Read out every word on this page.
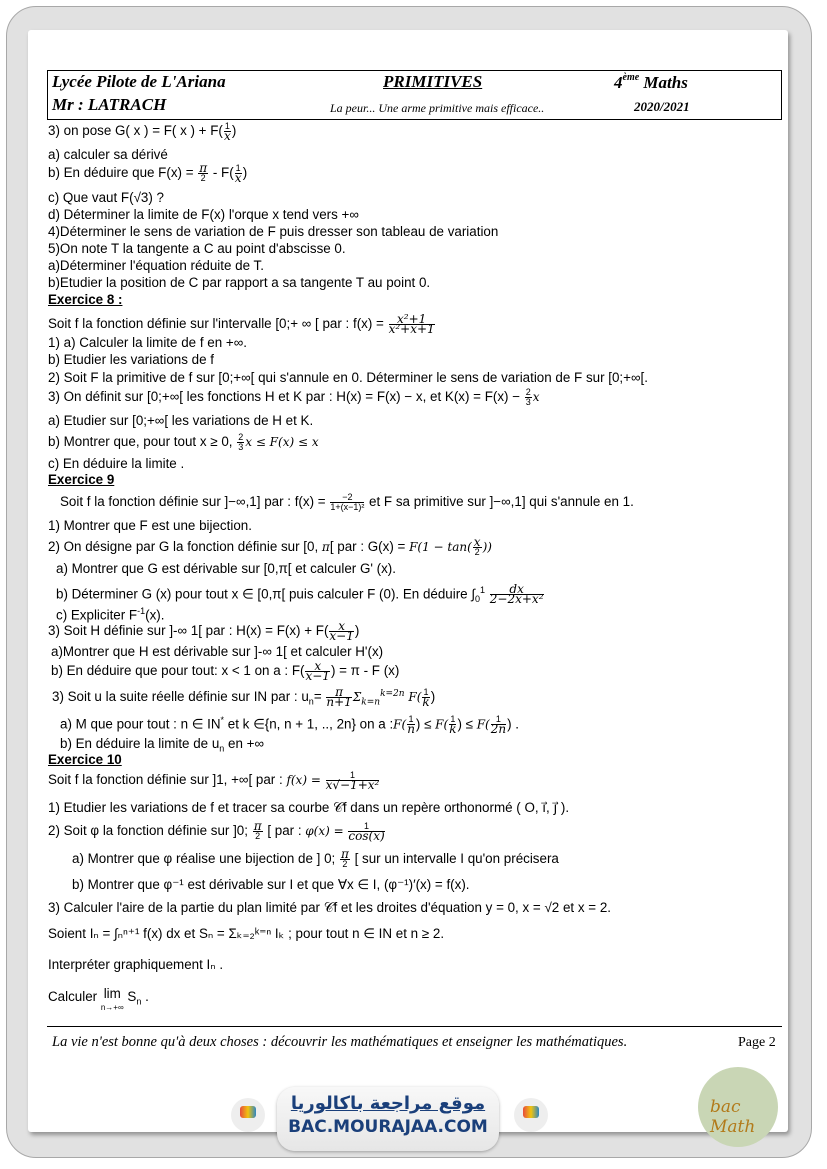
Lycée Pilote de L'Ariana	PRIMITIVES	4ème Maths
Mr : LATRACH	La peur... Une arme primitive mais efficace..	2020/2021
3) on pose G( x ) = F( x ) + $F( \frac{1}{x}$ )
a) calculer sa dérivé
b) En déduire que $F(x) = \frac{\pi}{2} - F( \frac{1}{x}$ )
c) Que vaut F(√3) ?
d) Déterminer la limite de F(x) l'orque x tend vers +∞
4)Déterminer le sens de variation de F puis dresser son tableau de variation
5)On note T la tangente a C au point d'abscisse 0.
a)Déterminer l'équation réduite de T.
b)Etudier la position de C par rapport a sa tangente T au point 0.
Exercice 8 :
Soit f la fonction définie sur l'intervalle [0;+ ∞ [ par : $f(x) = \frac{\text{x²+1}}{\text{x²+x+1}}$
1) a) Calculer la limite de f en +∞.
b) Etudier les variations de f
2) Soit F la primitive de f sur [0;+∞[ qui s'annule en 0. Déterminer le sens de variation de F sur [0;+∞[.
3) On définit sur [0;+∞[ les fonctions H et K par : H(x) = F(x) − x, et $K(x) = F(x) - \frac{2}{3}$ x
a) Etudier sur [0;+∞[ les variations de H et K.
b) Montrer que, pour tout x ≥ 0, $\frac{2}{3}$ x ≤ F(x) ≤ x
c) En déduire la limite .
Exercice 9
Soit f la fonction définie sur ]−∞,1] par : $f(x) = \frac{-2}{\text{1+(x−1)²}}$ et F sa primitive sur ]−∞,1] qui s'annule en 1.
1) Montrer que F est une bijection.
2) On désigne par G la fonction définie sur [0, π[ par : $G(x) = F(1 - \tan( \frac{x}{2}$ ))
a) Montrer que G est dérivable sur [0,π[ et calculer G' (x).
b) Déterminer G (x) pour tout x ∈ [0,π[ puis calculer F (0). En déduire $\int_0^1 \frac{dx}{\text{2−2x+x²}}$
c) Expliciter $F^{-1}(x)$.
3) Soit H définie sur ]-∞ 1[ par : $H(x) = F(x) + F( \frac{x}{x-1}$ )
a)Montrer que H est dérivable sur ]-∞ 1[ et calculer H'(x)
b) En déduire que pour tout: x < 1 on a : $F( \frac{x}{x-1}$ ) = π - F (x)
3) Soit u la suite réelle définie sur IN par : $u_n= \frac{\pi}{n+1} \Sigma_{k=n}^{k=2n}$ $F( \frac{1}{k}$ )
a) M que pour tout : n ∈ IN* et k ∈{n, n + 1, .., 2n} on a :F( $\frac{1}{n}$ ) ≤ $F( \frac{1}{k}$ ) ≤ $F( \frac{1}{2n}$ ) .
b) En déduire la limite de $u_n$ en +∞
Exercice 10
Soit f la fonction définie sur ]1, +∞[ par : $f(x) = \frac{1}{\text{x√−1+x²}}$
1) Etudier les variations de f et tracer sa courbe 𝒞f dans un repère orthonormé ( O, i⃗, j⃗ ).
2) Soit φ la fonction définie sur ]0; $\frac{\pi}{2}$ [ par : $\varphi(x) = \frac{1}{\cos(x)}$
a) Montrer que φ réalise une bijection de ] 0; $\frac{\pi}{2}$ [ sur un intervalle I qu'on précisera
b) Montrer que φ⁻¹ est dérivable sur I et que ∀x ∈ I, (φ⁻¹)′(x) = f(x).
3) Calculer l'aire de la partie du plan limité par 𝒞f et les droites d'équation y = 0, x = √2 et x = 2.
Soient Iₙ = ∫ₙⁿ⁺¹ f(x) dx et Sₙ = Σₖ₌₂ᵏ⁼ⁿ Iₖ ; pour tout n ∈ IN et n ≥ 2.
Interpréter graphiquement Iₙ .
Calculer lim
n→+∞ $S_n$ .
La vie n'est bonne qu'à deux choses : découvrir les mathématiques et enseigner les mathématiques.	Page 2
موقع مراجعة باكالوريا
BAC.MOURAJAA.COM
bac Math
